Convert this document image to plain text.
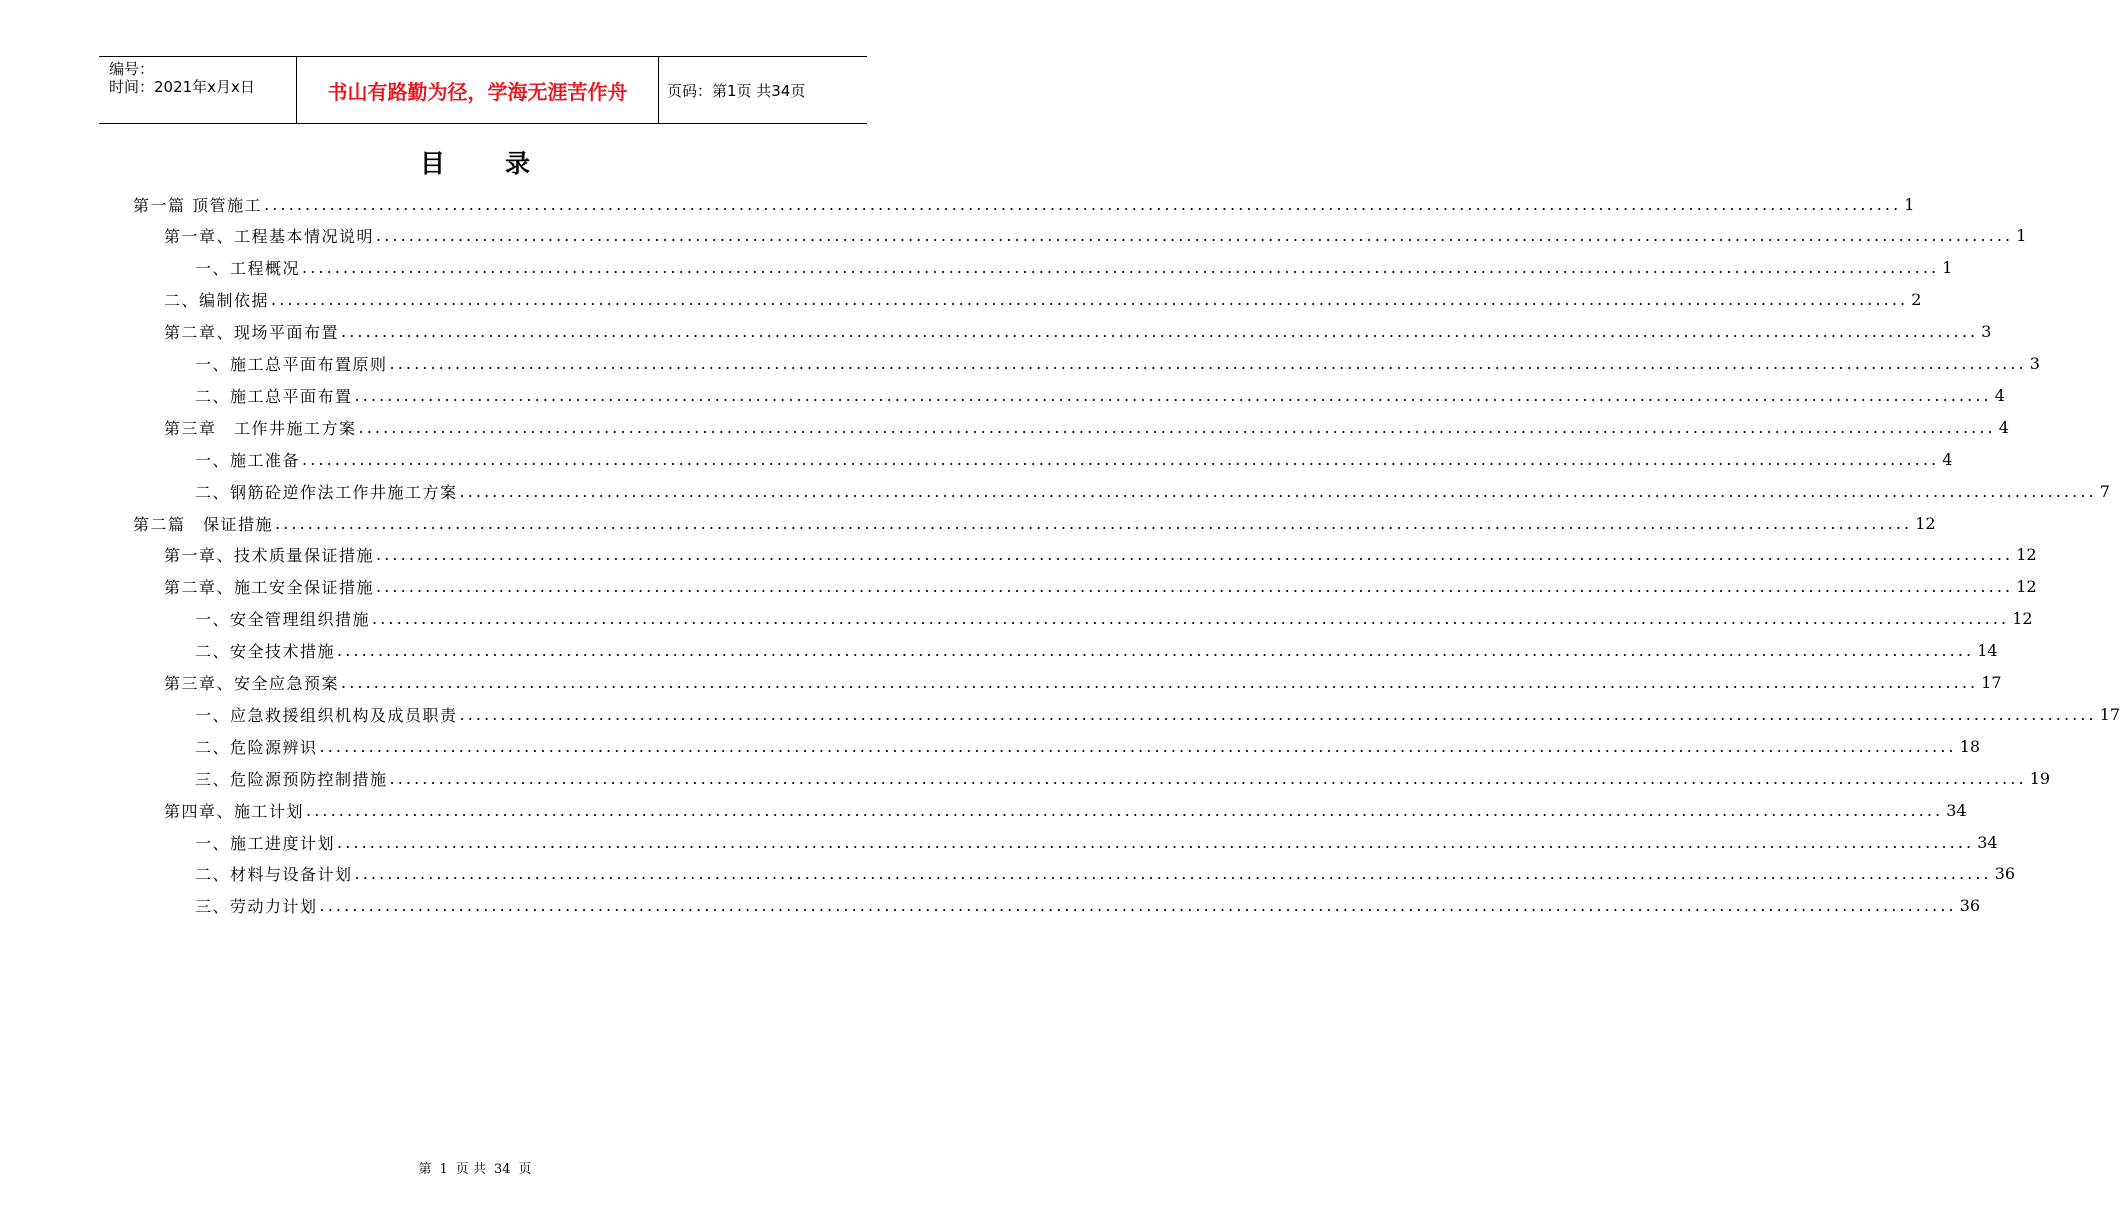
编号：
时间：2021年x月x日	书山有路勤为径，学海无涯苦作舟	页码：第1页 共34页
目录
第一篇 顶管施工 ........................................................................................................................................................................................................ 1
第一章、工程基本情况说明 ........................................................................................................................................................................................................ 1
一、工程概况 ........................................................................................................................................................................................................ 1
二、编制依据 ........................................................................................................................................................................................................ 2
第二章、现场平面布置 ........................................................................................................................................................................................................ 3
一、施工总平面布置原则 ........................................................................................................................................................................................................ 3
二、施工总平面布置 ........................................................................................................................................................................................................ 4
第三章　工作井施工方案 ........................................................................................................................................................................................................ 4
一、施工准备 ........................................................................................................................................................................................................ 4
二、钢筋砼逆作法工作井施工方案 ........................................................................................................................................................................................................ 7
第二篇　保证措施 ........................................................................................................................................................................................................ 12
第一章、技术质量保证措施 ........................................................................................................................................................................................................ 12
第二章、施工安全保证措施 ........................................................................................................................................................................................................ 12
一、安全管理组织措施 ........................................................................................................................................................................................................ 12
二、安全技术措施 ........................................................................................................................................................................................................ 14
第三章、安全应急预案 ........................................................................................................................................................................................................ 17
一、应急救援组织机构及成员职责 ........................................................................................................................................................................................................ 17
二、危险源辨识 ........................................................................................................................................................................................................ 18
三、危险源预防控制措施 ........................................................................................................................................................................................................ 19
第四章、施工计划 ........................................................................................................................................................................................................ 34
一、施工进度计划 ........................................................................................................................................................................................................ 34
二、材料与设备计划 ........................................................................................................................................................................................................ 36
三、劳动力计划 ........................................................................................................................................................................................................ 36
第 1 页 共 34 页
